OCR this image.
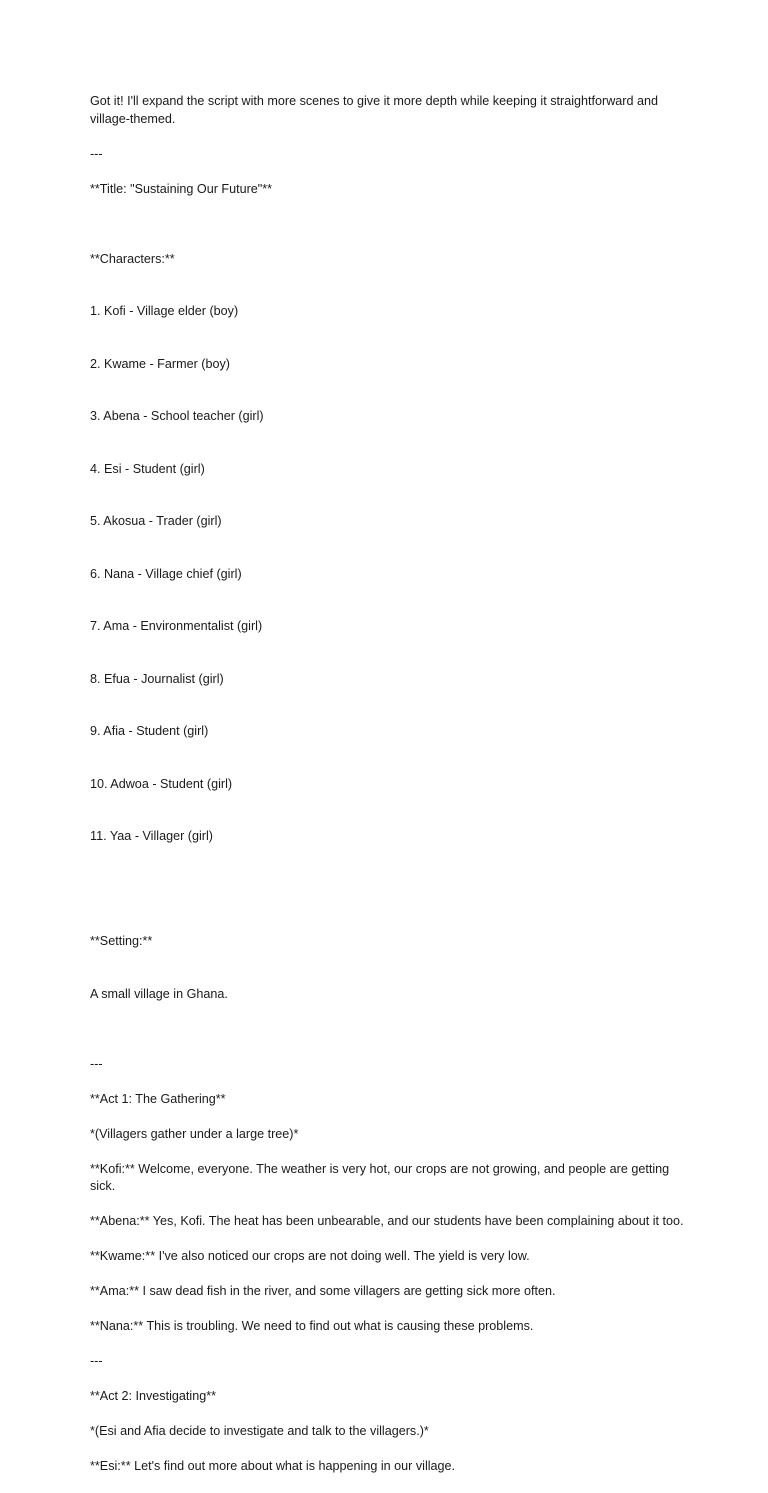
Got it! I'll expand the script with more scenes to give it more depth while keeping it straightforward and village-themed.

---

**Title: "Sustaining Our Future"**

**Characters:**

1. Kofi - Village elder (boy)

2. Kwame - Farmer (boy)

3. Abena - School teacher (girl)

4. Esi - Student (girl)

5. Akosua - Trader (girl)

6. Nana - Village chief (girl)

7. Ama - Environmentalist (girl)

8. Efua - Journalist (girl)

9. Afia - Student (girl)

10. Adwoa - Student (girl)

11. Yaa - Villager (girl)

**Setting:**

A small village in Ghana.

---

**Act 1: The Gathering**

*(Villagers gather under a large tree)*

**Kofi:** Welcome, everyone. The weather is very hot, our crops are not growing, and people are getting sick.

**Abena:** Yes, Kofi. The heat has been unbearable, and our students have been complaining about it too.

**Kwame:** I've also noticed our crops are not doing well. The yield is very low.

**Ama:** I saw dead fish in the river, and some villagers are getting sick more often.

**Nana:** This is troubling. We need to find out what is causing these problems.

---

**Act 2: Investigating**

*(Esi and Afia decide to investigate and talk to the villagers.)*

**Esi:** Let's find out more about what is happening in our village.
